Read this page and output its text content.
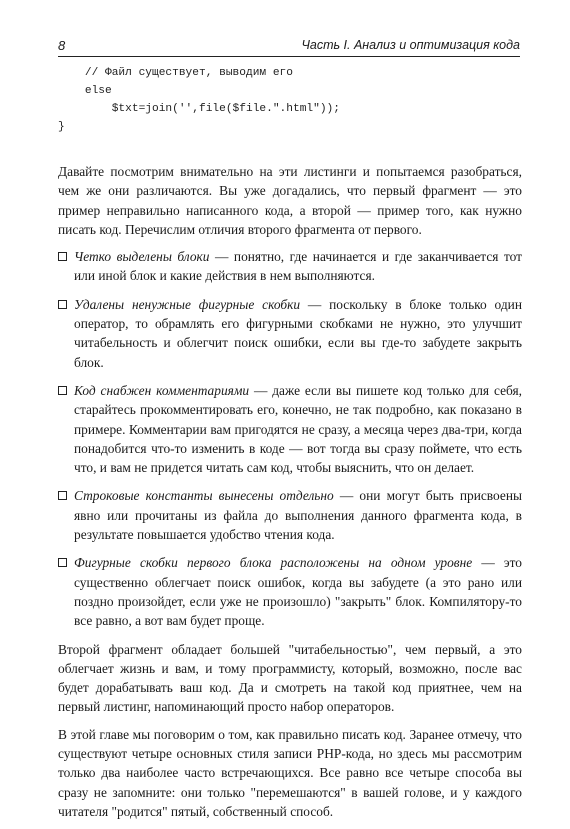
8	Часть I. Анализ и оптимизация кода
// Файл существует, выводим его
else
$txt=join('',file($file.".html"));
}

Давайте посмотрим внимательно на эти листинги и попытаемся разобраться, чем же они различаются. Вы уже догадались, что первый фрагмент — это пример неправильно написанного кода, а второй — пример того, как нужно писать код. Перечислим отличия второго фрагмента от первого.

Четко выделены блоки — понятно, где начинается и где заканчивается тот или иной блок и какие действия в нем выполняются.
Удалены ненужные фигурные скобки — поскольку в блоке только один оператор, то обрамлять его фигурными скобками не нужно, это улучшит читабельность и облегчит поиск ошибки, если вы где-то забудете закрыть блок.
Код снабжен комментариями — даже если вы пишете код только для себя, старайтесь прокомментировать его, конечно, не так подробно, как показано в примере. Комментарии вам пригодятся не сразу, а месяца через два-три, когда понадобится что-то изменить в коде — вот тогда вы сразу поймете, что есть что, и вам не придется читать сам код, чтобы выяснить, что он делает.
Строковые константы вынесены отдельно — они могут быть присвоены явно или прочитаны из файла до выполнения данного фрагмента кода, в результате повышается удобство чтения кода.
Фигурные скобки первого блока расположены на одном уровне — это существенно облегчает поиск ошибок, когда вы забудете (а это рано или поздно произойдет, если уже не произошло) "закрыть" блок. Компилятору-то все равно, а вот вам будет проще.

Второй фрагмент обладает большей "читабельностью", чем первый, а это облегчает жизнь и вам, и тому программисту, который, возможно, после вас будет дорабатывать ваш код. Да и смотреть на такой код приятнее, чем на первый листинг, напоминающий просто набор операторов.

В этой главе мы поговорим о том, как правильно писать код. Заранее отмечу, что существуют четыре основных стиля записи PHP-кода, но здесь мы рассмотрим только два наиболее часто встречающихся. Все равно все четыре способа вы сразу не запомните: они только "перемешаются" в вашей голове, и у каждого читателя "родится" пятый, собственный способ.
